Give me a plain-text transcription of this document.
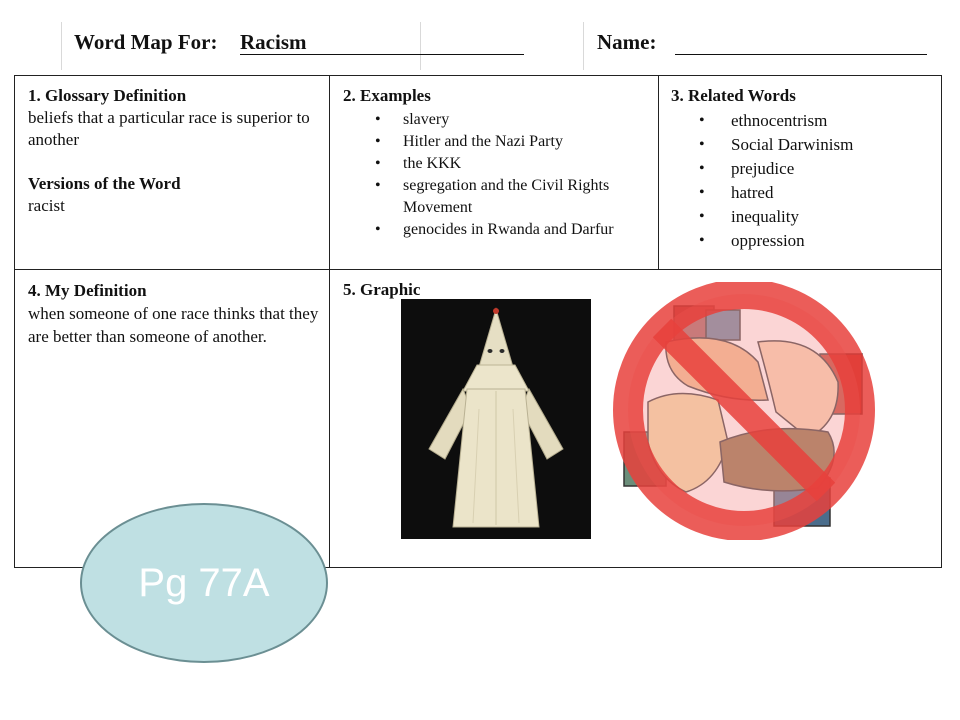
Word Map For: Racism	Name:
1. Glossary Definition

beliefs that a particular race is superior to another

Versions of the Word

racist

2. Examples
• slavery
• Hitler and the Nazi Party
• the KKK
• segregation and the Civil Rights Movement
• genocides in Rwanda and Darfur
3. Related Words
• ethnocentrism
• Social Darwinism
• prejudice
• hatred
• inequality
• oppression
4. My Definition

when someone of one race thinks that they are better than someone of another.

5. Graphic
Pg 77A
